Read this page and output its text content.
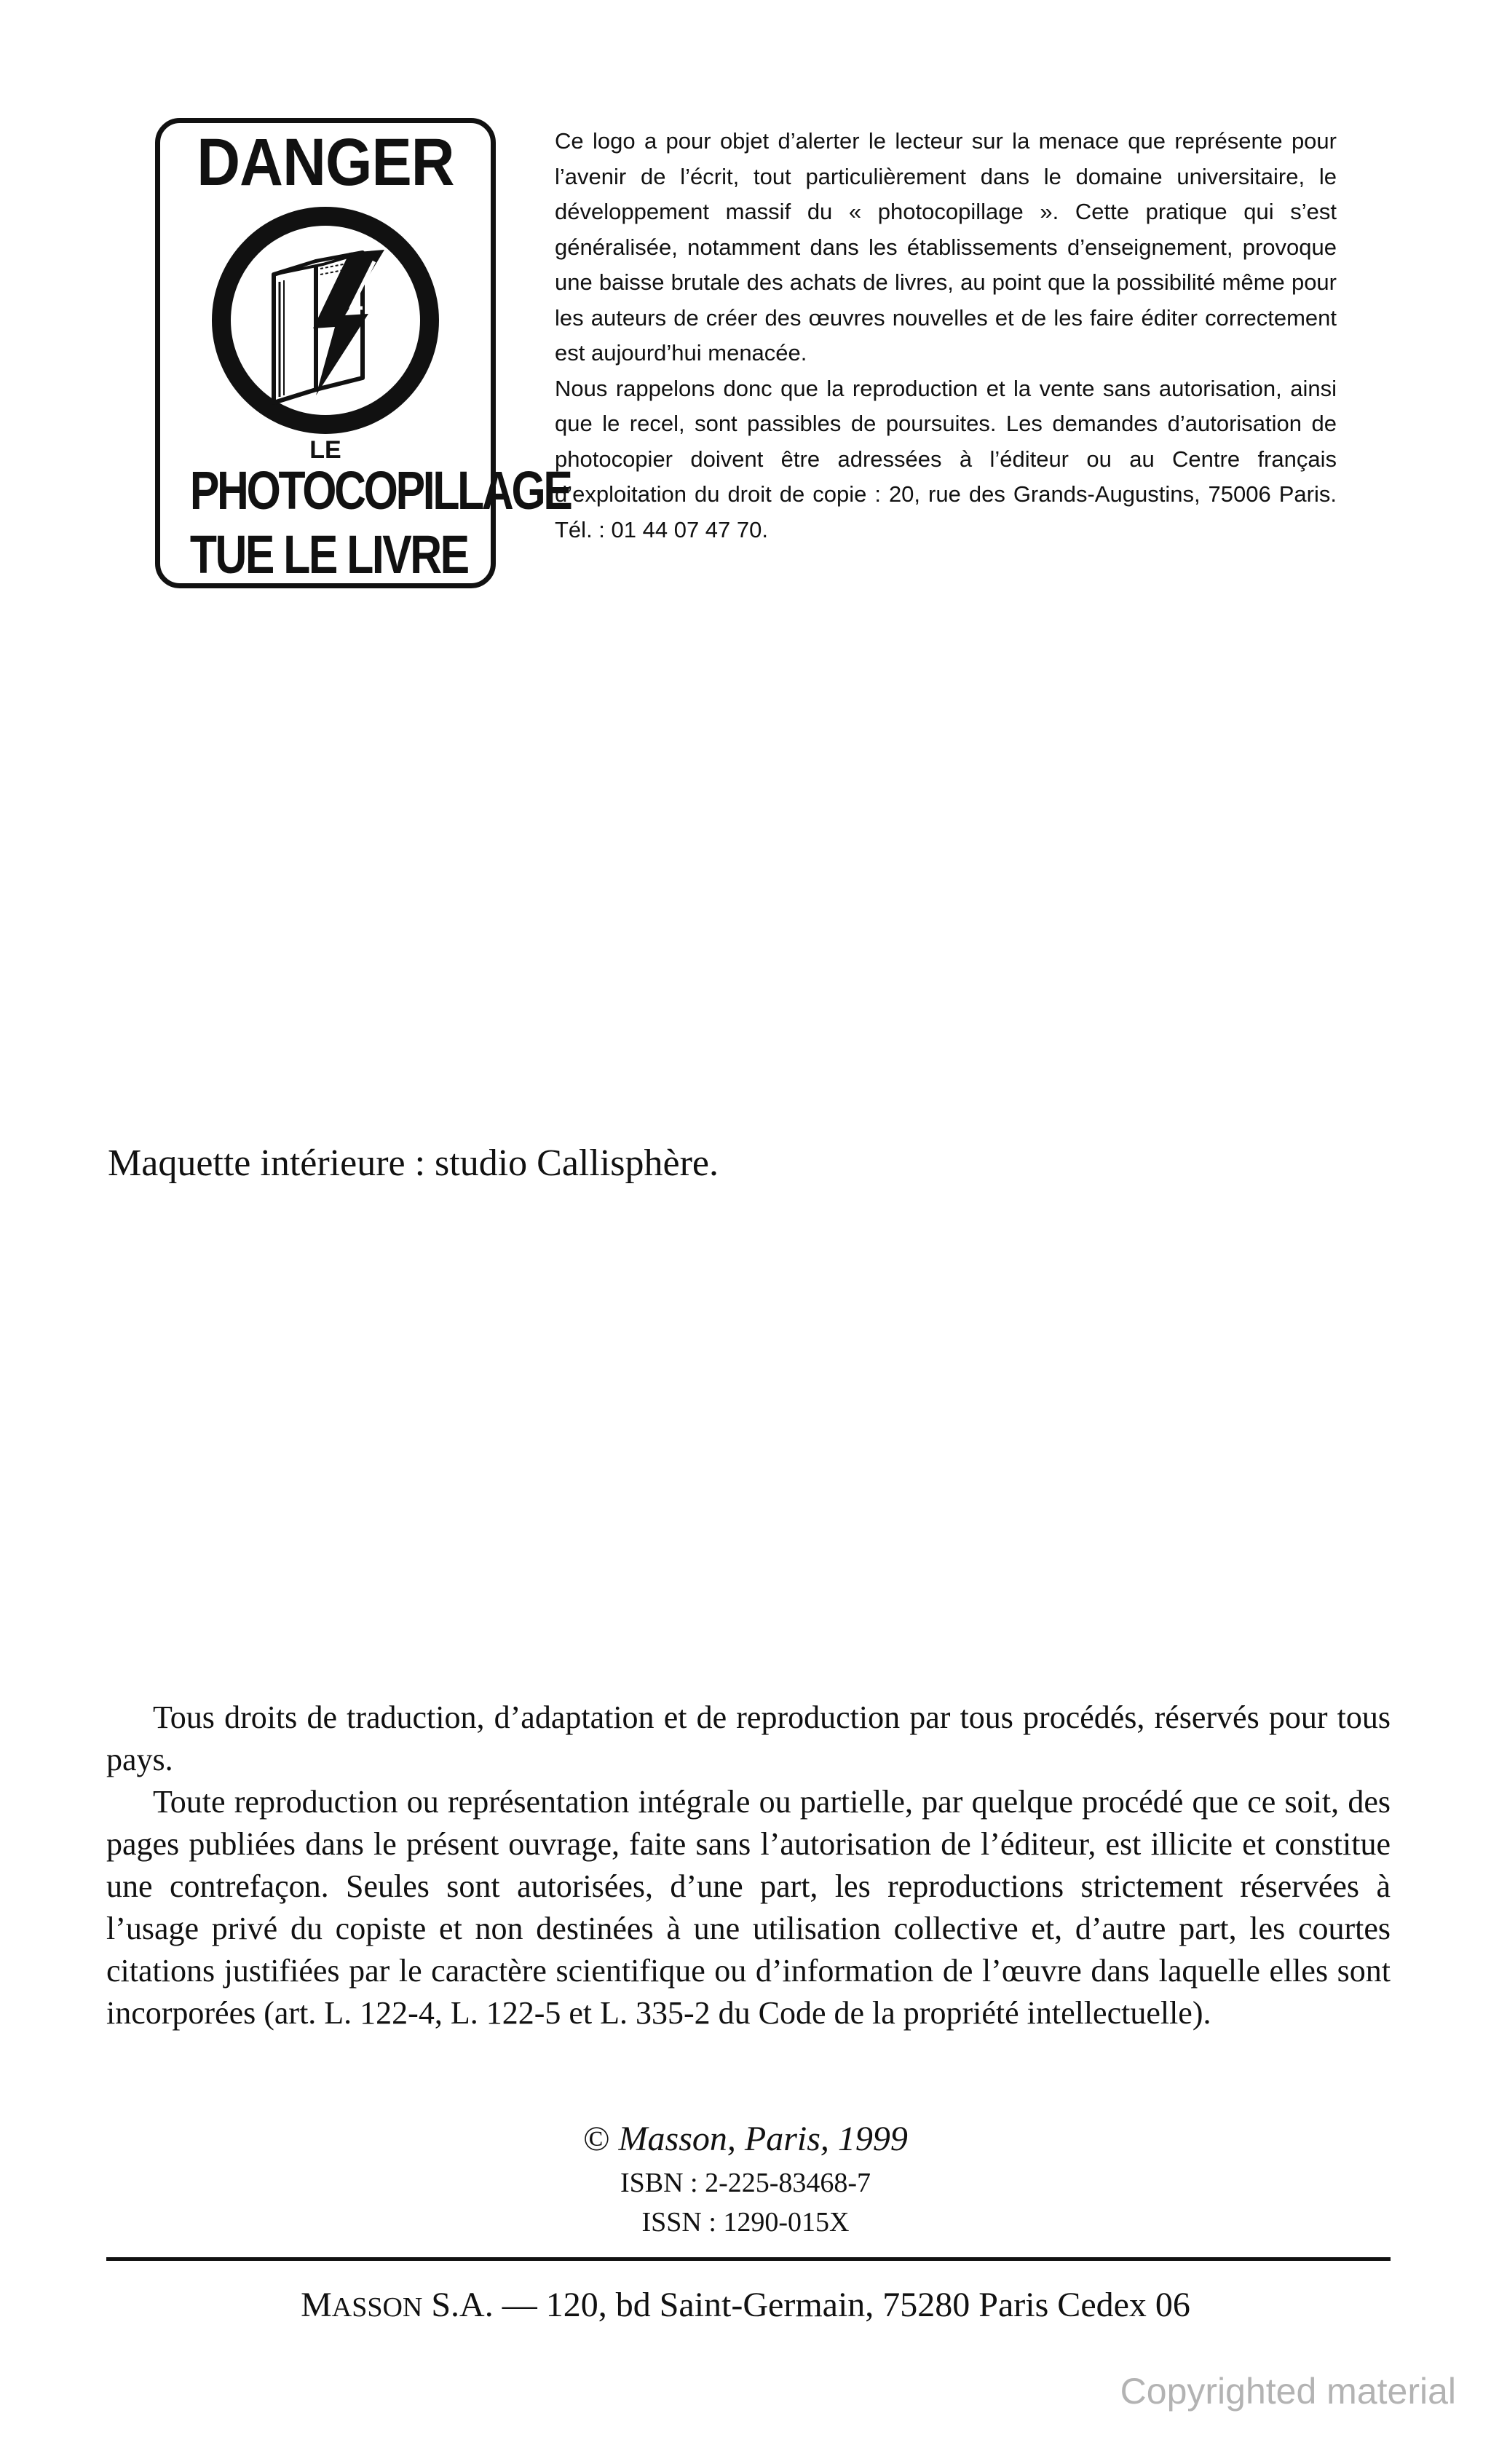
DANGER
LE
PHOTOCOPILLAGE
TUE LE LIVRE

Ce logo a pour objet d’alerter le lecteur sur la menace que représente pour l’avenir de l’écrit, tout particulièrement dans le domaine universitaire, le développement massif du « photocopillage ». Cette pratique qui s’est généralisée, notamment dans les établissements d’enseignement, provoque une baisse brutale des achats de livres, au point que la possibilité même pour les auteurs de créer des œuvres nouvelles et de les faire éditer correctement est aujourd’hui menacée.

Nous rappelons donc que la reproduction et la vente sans autorisation, ainsi que le recel, sont passibles de poursuites. Les demandes d’autorisation de photocopier doivent être adressées à l’éditeur ou au Centre français d’exploitation du droit de copie : 20, rue des Grands-Augustins, 75006 Paris. Tél. : 01 44 07 47 70.

Maquette intérieure : studio Callisphère.

Tous droits de traduction, d’adaptation et de reproduction par tous procédés, réservés pour tous pays.

Toute reproduction ou représentation intégrale ou partielle, par quelque procédé que ce soit, des pages publiées dans le présent ouvrage, faite sans l’autorisation de l’éditeur, est illicite et constitue une contrefaçon. Seules sont autorisées, d’une part, les reproductions strictement réservées à l’usage privé du copiste et non destinées à une utilisation collective et, d’autre part, les courtes citations justifiées par le caractère scientifique ou d’information de l’œuvre dans laquelle elles sont incorporées (art. L. 122-4, L. 122-5 et L. 335-2 du Code de la propriété intellectuelle).

© Masson, Paris, 1999
ISBN : 2-225-83468-7
ISSN : 1290-015X
MASSON S.A. — 120, bd Saint-Germain, 75280 Paris Cedex 06
Copyrighted material
